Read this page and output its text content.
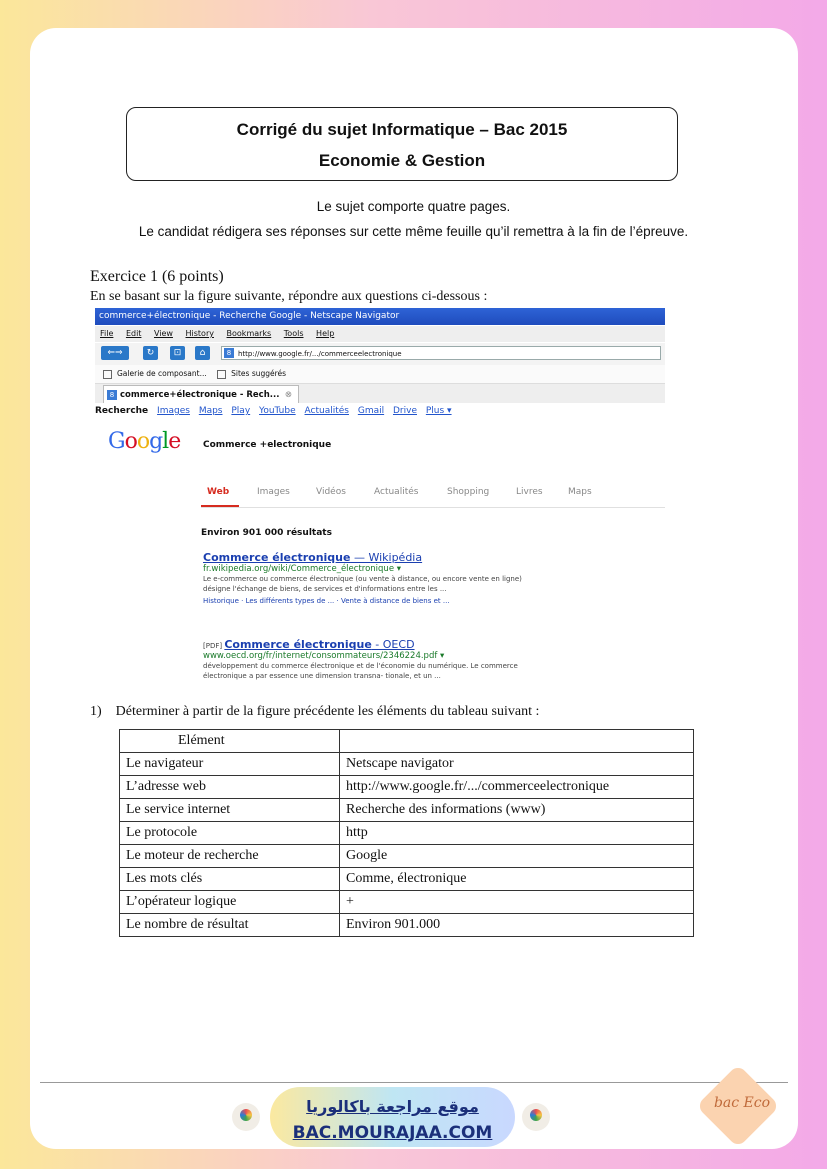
Corrigé du sujet Informatique – Bac 2015
Economie & Gestion
Le sujet comporte quatre pages.
Le candidat rédigera ses réponses sur cette même feuille qu’il remettra à la fin de l’épreuve.
Exercice 1 (6 points)
En se basant sur la figure suivante, répondre aux questions ci-dessous :
commerce+électronique - Recherche Google - Netscape Navigator
File Edit View History Bookmarks Tools Help
⇐⇒	↻	⊡	⌂	8 http://www.google.fr/.../commerceelectronique
Galerie de composant...	Sites suggérés
8 commerce+électronique - Rech... ⊗
Recherche Images Maps Play YouTube Actualités Gmail Drive Plus ▾
Google	Commerce +electronique
Web	Images	Vidéos	Actualités	Shopping	Livres	Maps
Environ 901 000 résultats
Commerce électronique — Wikipédia
fr.wikipedia.org/wiki/Commerce_électronique ▾
Le e-commerce ou commerce électronique (ou vente à distance, ou encore vente en ligne)
désigne l'échange de biens, de services et d'informations entre les ...
Historique · Les différents types de ... · Vente à distance de biens et ...
[PDF] Commerce électronique - OECD
www.oecd.org/fr/internet/consommateurs/2346224.pdf ▾
développement du commerce électronique et de l'économie du numérique. Le commerce
électronique a par essence une dimension transna- tionale, et un ...
1)    Déterminer à partir de la figure précédente les éléments du tableau suivant :
Elément	
Le navigateur	Netscape navigator
L’adresse web	http://www.google.fr/.../commerceelectronique
Le service internet	Recherche des informations (www)
Le protocole	http
Le moteur de recherche	Google
Les mots clés	Comme, électronique
L’opérateur logique	+
Le nombre de résultat	Environ 901.000
موقع مراجعة باكالوريا
BAC.MOURAJAA.COM
bac Eco
